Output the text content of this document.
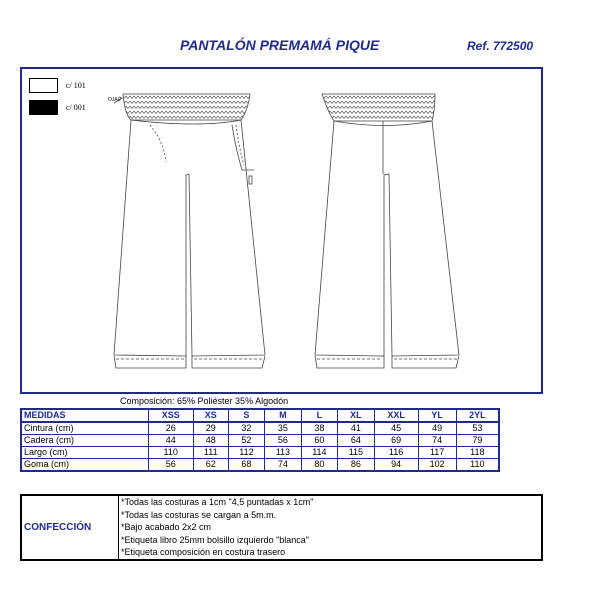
PANTALÓN PREMAMÁ PIQUE	Ref. 772500
c/ 101
c/ 001
OJAL
Composición: 65% Poliéster 35% Algodón
MEDIDAS	XSS	XS	S	M	L	XL	XXL	YL	2YL
Cintura (cm)	26	29	32	35	38	41	45	49	53
Cadera (cm)	44	48	52	56	60	64	69	74	79
Largo (cm)	110	111	112	113	114	115	116	117	118
Goma (cm)	56	62	68	74	80	86	94	102	110
CONFECCIÓN
*Todas las costuras a 1cm "4,5 puntadas x 1cm"
*Todas las costuras se cargan a 5m.m.
*Bajo acabado 2x2 cm
*Etiqueta libro 25mm bolsillo izquierdo "blanca"
*Etiqueta composición en costura trasero
